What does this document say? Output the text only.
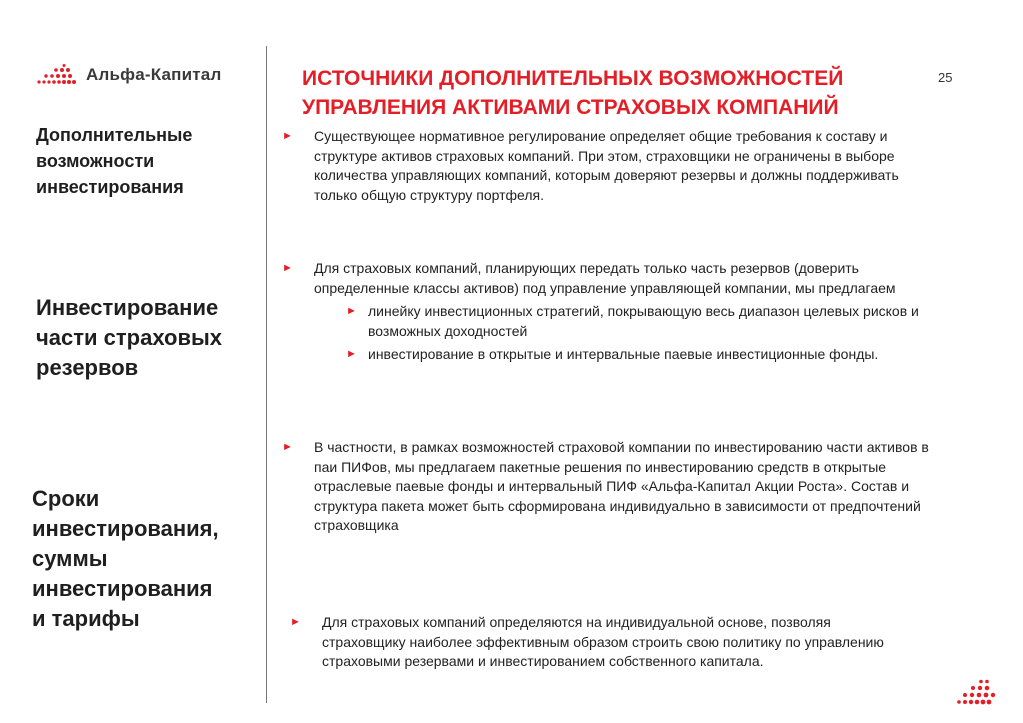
Альфа-Капитал	ИСТОЧНИКИ ДОПОЛНИТЕЛЬНЫХ ВОЗМОЖНОСТЕЙ
УПРАВЛЕНИЯ АКТИВАМИ СТРАХОВЫХ КОМПАНИЙ
25
Дополнительные
возможности
инвестирования
Инвестирование
части страховых
резервов
Сроки
инвестирования,
суммы
инвестирования
и тарифы
► Существующее нормативное регулирование определяет общие требования к составу и структуре активов страховых компаний. При этом, страховщики не ограничены в выборе количества управляющих компаний, которым доверяют резервы и должны поддерживать только общую структуру портфеля.
► Для страховых компаний, планирующих передать только часть резервов (доверить определенные классы активов) под управление управляющей компании, мы предлагаем
► линейку инвестиционных стратегий, покрывающую весь диапазон целевых рисков и возможных доходностей
► инвестирование в открытые и интервальные паевые инвестиционные фонды.
► В частности, в рамках возможностей страховой компании по инвестированию части активов в паи ПИФов, мы предлагаем пакетные решения по инвестированию средств в открытые отраслевые паевые фонды и интервальный ПИФ «Альфа-Капитал Акции Роста». Состав и структура пакета может быть сформирована индивидуально в зависимости от предпочтений страховщика
► Для страховых компаний определяются на индивидуальной основе, позволяя страховщику наиболее эффективным образом строить свою политику по управлению страховыми резервами и инвестированием собственного капитала.
